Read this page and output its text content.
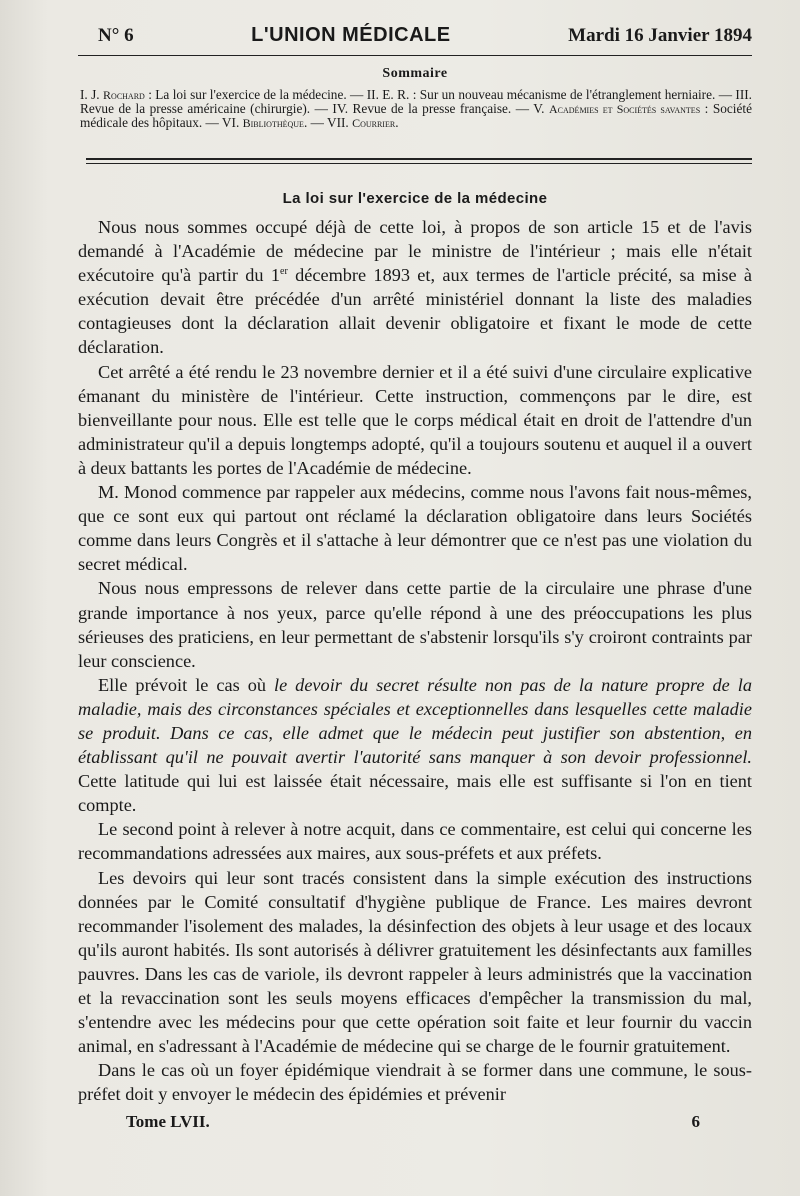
N° 6	L'UNION MÉDICALE	Mardi 16 Janvier 1894
Sommaire
I. J. Rochard : La loi sur l'exercice de la médecine. — II. E. R. : Sur un nouveau mécanisme de l'étranglement herniaire. — III. Revue de la presse américaine (chirurgie). — IV. Revue de la presse française. — V. Académies et Sociétés savantes : Société médicale des hôpitaux. — VI. Bibliothèque. — VII. Courrier.
La loi sur l'exercice de la médecine

Nous nous sommes occupé déjà de cette loi, à propos de son article 15 et de l'avis demandé à l'Académie de médecine par le ministre de l'intérieur ; mais elle n'était exécutoire qu'à partir du 1er décembre 1893 et, aux termes de l'article précité, sa mise à exécution devait être précédée d'un arrêté ministériel donnant la liste des maladies contagieuses dont la déclaration allait devenir obligatoire et fixant le mode de cette déclaration.

Cet arrêté a été rendu le 23 novembre dernier et il a été suivi d'une circulaire explicative émanant du ministère de l'intérieur. Cette instruction, commençons par le dire, est bienveillante pour nous. Elle est telle que le corps médical était en droit de l'attendre d'un administrateur qu'il a depuis longtemps adopté, qu'il a toujours soutenu et auquel il a ouvert à deux battants les portes de l'Académie de médecine.

M. Monod commence par rappeler aux médecins, comme nous l'avons fait nous-mêmes, que ce sont eux qui partout ont réclamé la déclaration obligatoire dans leurs Sociétés comme dans leurs Congrès et il s'attache à leur démontrer que ce n'est pas une violation du secret médical.

Nous nous empressons de relever dans cette partie de la circulaire une phrase d'une grande importance à nos yeux, parce qu'elle répond à une des préoccupations les plus sérieuses des praticiens, en leur permettant de s'abstenir lorsqu'ils s'y croiront contraints par leur conscience.

Elle prévoit le cas où le devoir du secret résulte non pas de la nature propre de la maladie, mais des circonstances spéciales et exceptionnelles dans lesquelles cette maladie se produit. Dans ce cas, elle admet que le médecin peut justifier son abstention, en établissant qu'il ne pouvait avertir l'autorité sans manquer à son devoir professionnel. Cette latitude qui lui est laissée était nécessaire, mais elle est suffisante si l'on en tient compte.

Le second point à relever à notre acquit, dans ce commentaire, est celui qui concerne les recommandations adressées aux maires, aux sous-préfets et aux préfets.

Les devoirs qui leur sont tracés consistent dans la simple exécution des instructions données par le Comité consultatif d'hygiène publique de France. Les maires devront recommander l'isolement des malades, la désinfection des objets à leur usage et des locaux qu'ils auront habités. Ils sont autorisés à délivrer gratuitement les désinfectants aux familles pauvres. Dans les cas de variole, ils devront rappeler à leurs administrés que la vaccination et la revaccination sont les seuls moyens efficaces d'empêcher la transmission du mal, s'entendre avec les médecins pour que cette opération soit faite et leur fournir du vaccin animal, en s'adressant à l'Académie de médecine qui se charge de le fournir gratuitement.

Dans le cas où un foyer épidémique viendrait à se former dans une commune, le sous-préfet doit y envoyer le médecin des épidémies et prévenir

Tome LVII.	6
